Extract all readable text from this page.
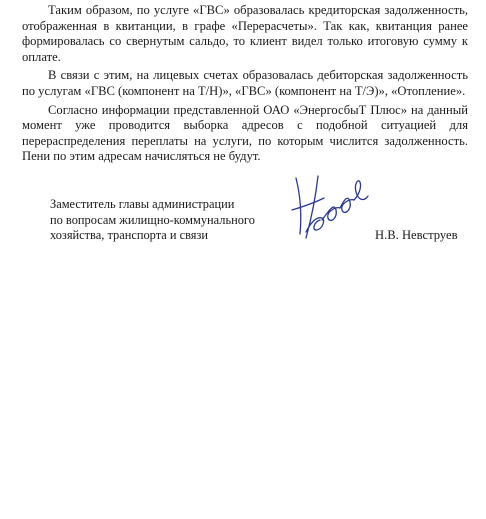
Таким образом, по услуге «ГВС» образовалась кредиторская задолженность, отображенная в квитанции, в графе «Перерасчеты». Так как, квитанция ранее формировалась со свернутым сальдо, то клиент видел только итоговую сумму к оплате.

В связи с этим, на лицевых счетах образовалась дебиторская задолженность по услугам «ГВС (компонент на Т/Н)», «ГВС» (компонент на Т/Э)», «Отопление».

Согласно информации представленной ОАО «ЭнергосбыТ Плюс» на данный момент уже проводится выборка адресов с подобной ситуацией для перераспределения переплаты на услуги, по которым числится задолженность. Пени по этим адресам начисляться не будут.

Заместитель главы администрации
по вопросам жилищно-коммунального
хозяйства, транспорта и связи	Н.В. Невструев
